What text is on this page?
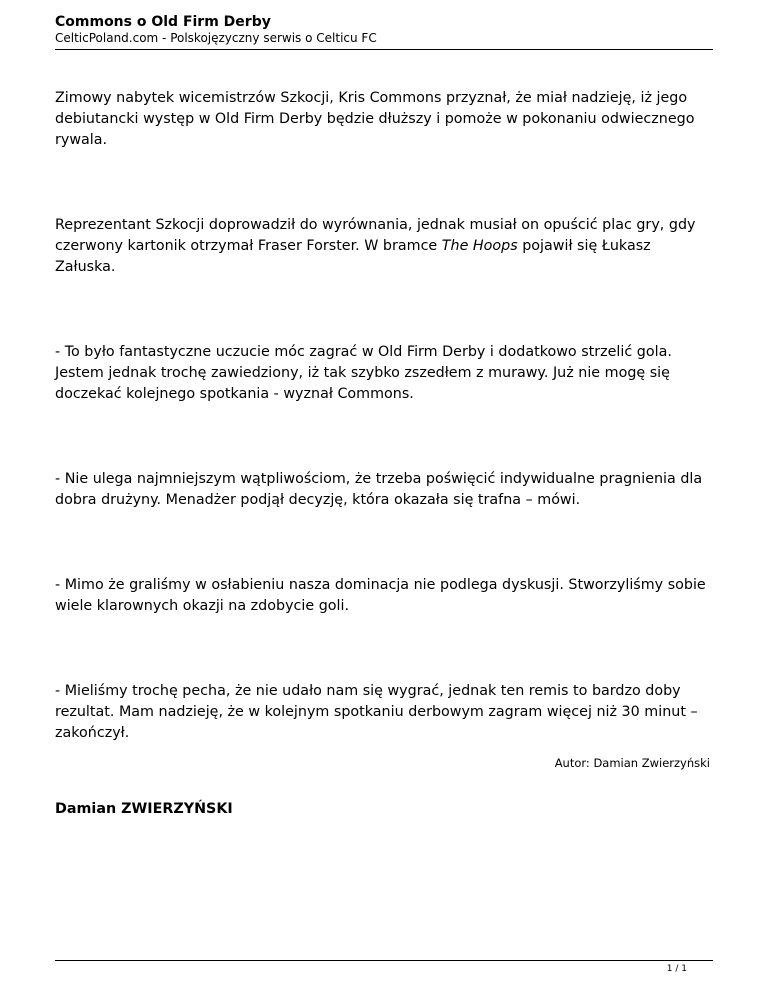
Commons o Old Firm Derby
CelticPoland.com - Polskojęzyczny serwis o Celticu FC

Zimowy nabytek wicemistrzów Szkocji, Kris Commons przyznał, że miał nadzieję, iż jego debiutancki występ w Old Firm Derby będzie dłuższy i pomoże w pokonaniu odwiecznego rywala.

Reprezentant Szkocji doprowadził do wyrównania, jednak musiał on opuścić plac gry, gdy czerwony kartonik otrzymał Fraser Forster. W bramce The Hoops pojawił się Łukasz Załuska.

- To było fantastyczne uczucie móc zagrać w Old Firm Derby i dodatkowo strzelić gola. Jestem jednak trochę zawiedziony, iż tak szybko zszedłem z murawy. Już nie mogę się doczekać kolejnego spotkania - wyznał Commons.

- Nie ulega najmniejszym wątpliwościom, że trzeba poświęcić indywidualne pragnienia dla dobra drużyny. Menadżer podjął decyzję, która okazała się trafna – mówi.

- Mimo że graliśmy w osłabieniu nasza dominacja nie podlega dyskusji. Stworzyliśmy sobie wiele klarownych okazji na zdobycie goli.

- Mieliśmy trochę pecha, że nie udało nam się wygrać, jednak ten remis to bardzo doby rezultat. Mam nadzieję, że w kolejnym spotkaniu derbowym zagram więcej niż 30 minut – zakończył.

Damian ZWIERZYŃSKI

Autor: Damian Zwierzyński
1 / 1
